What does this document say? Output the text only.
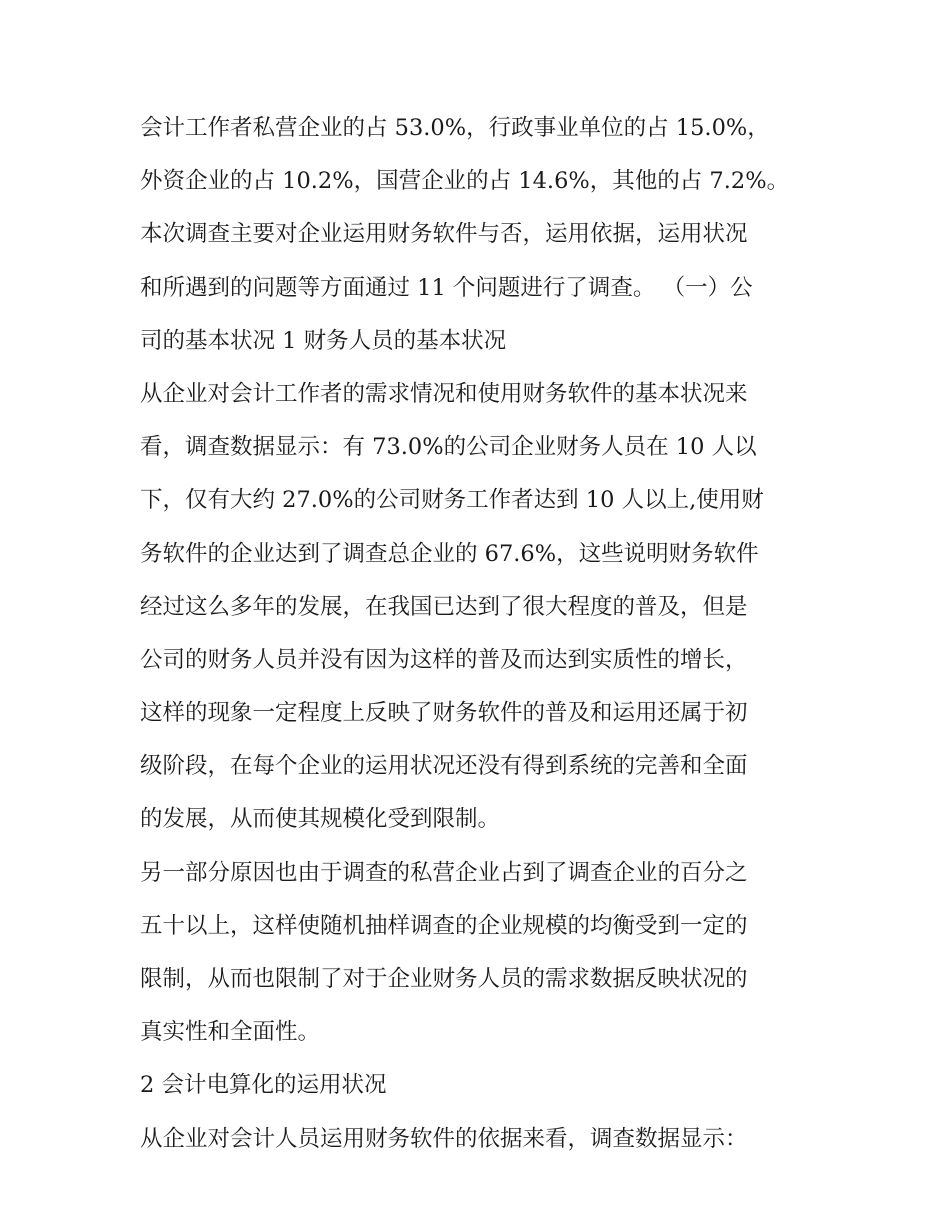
会计工作者私营企业的占 53.0%，行政事业单位的占 15.0%，
外资企业的占 10.2%，国营企业的占 14.6%，其他的占 7.2%。
本次调查主要对企业运用财务软件与否，运用依据，运用状况
和所遇到的问题等方面通过 11 个问题进行了调查。 （一）公
司的基本状况 1 财务人员的基本状况
从企业对会计工作者的需求情况和使用财务软件的基本状况来
看，调查数据显示：有 73.0%的公司企业财务人员在 10 人以
下，仅有大约 27.0%的公司财务工作者达到 10 人以上,使用财
务软件的企业达到了调查总企业的 67.6%，这些说明财务软件
经过这么多年的发展，在我国已达到了很大程度的普及，但是
公司的财务人员并没有因为这样的普及而达到实质性的增长，
这样的现象一定程度上反映了财务软件的普及和运用还属于初
级阶段，在每个企业的运用状况还没有得到系统的完善和全面
的发展，从而使其规模化受到限制。
另一部分原因也由于调查的私营企业占到了调查企业的百分之
五十以上，这样使随机抽样调查的企业规模的均衡受到一定的
限制，从而也限制了对于企业财务人员的需求数据反映状况的
真实性和全面性。
2 会计电算化的运用状况
从企业对会计人员运用财务软件的依据来看，调查数据显示：
